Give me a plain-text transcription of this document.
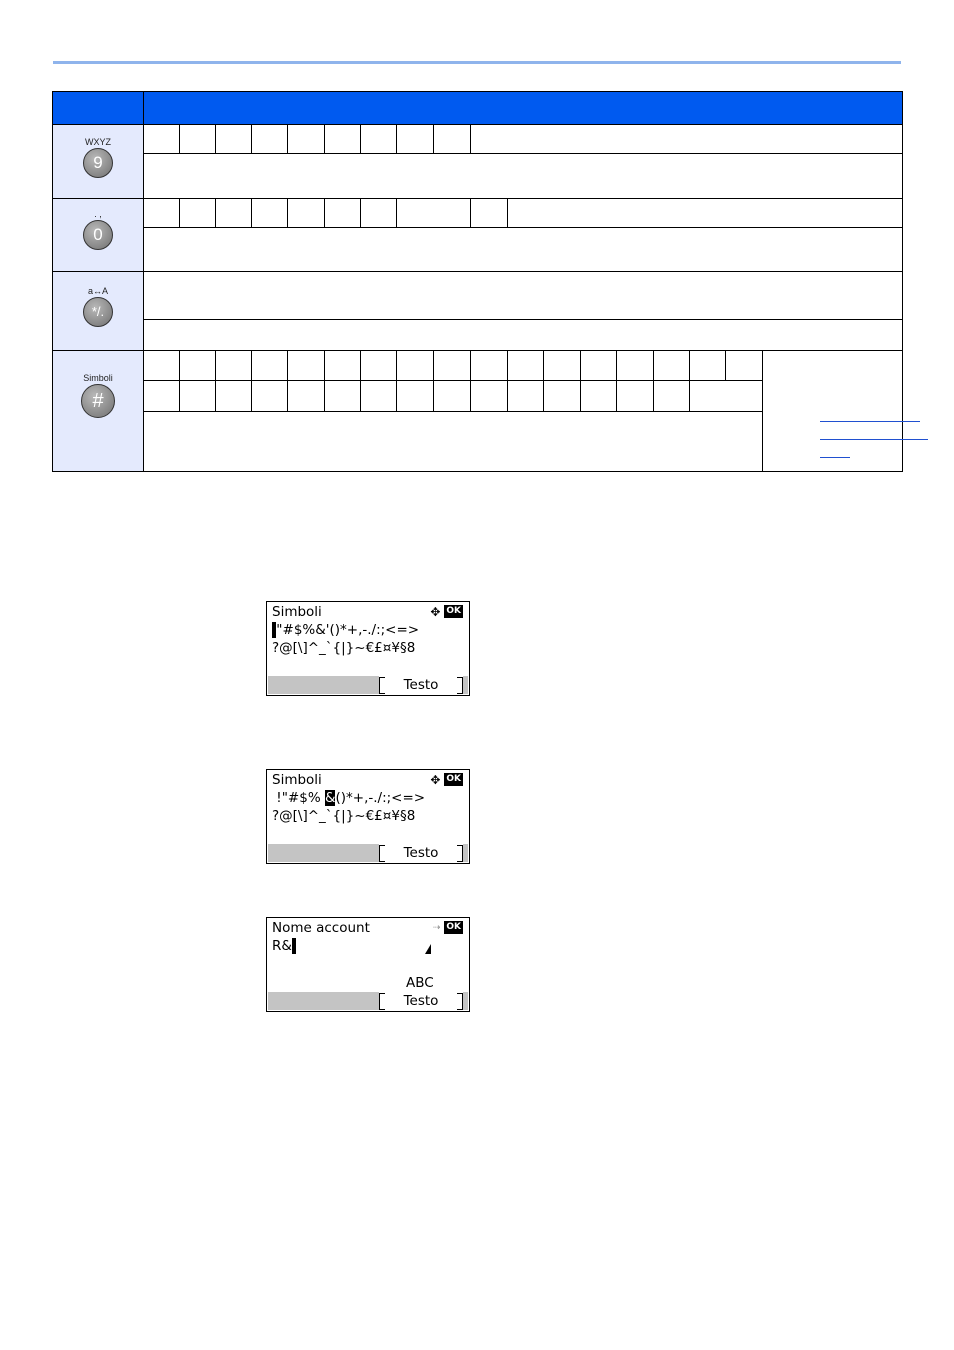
WXYZ
9
. ,
0
a↔A
*/.
Simboli
#
Simboli	✥ OK
"#$%&'()*+,-./:;<=>
?@[\]^_`{|}~€£¤¥§8
Testo
Simboli	✥ OK
!"#$% &()*+,-./:;<=>
?@[\]^_`{|}~€£¤¥§8
Testo
Nome account	⇢ OK
R&
ABC
Testo
